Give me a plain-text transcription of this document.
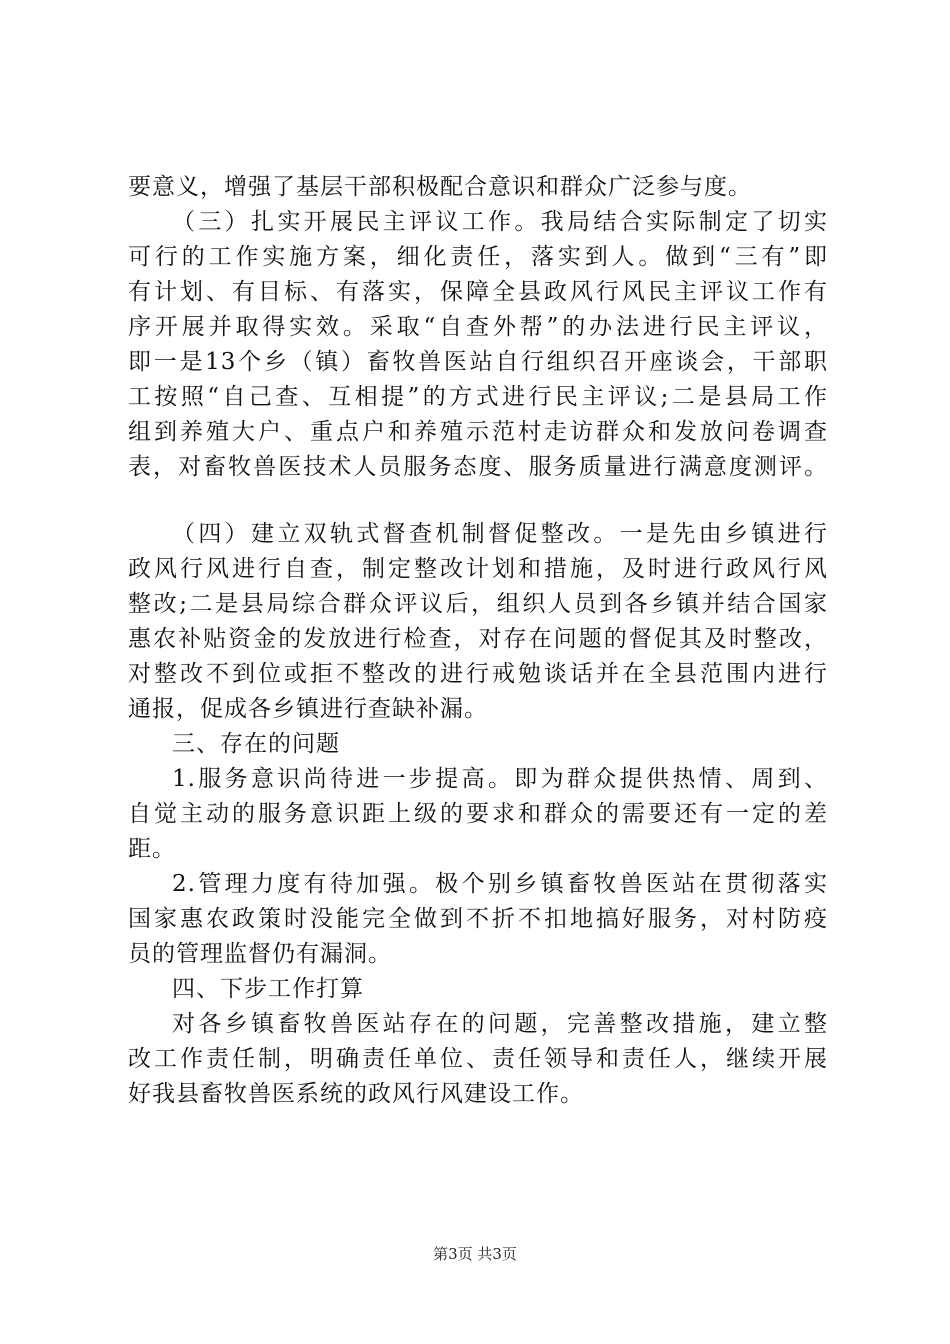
要意义，增强了基层干部积极配合意识和群众广泛参与度。
（三）扎实开展民主评议工作。我局结合实际制定了切实
可行的工作实施方案，细化责任，落实到人。做到“三有”即
有计划、有目标、有落实，保障全县政风行风民主评议工作有
序开展并取得实效。采取“自查外帮”的办法进行民主评议，
即一是13个乡（镇）畜牧兽医站自行组织召开座谈会，干部职
工按照“自己查、互相提”的方式进行民主评议;二是县局工作
组到养殖大户、重点户和养殖示范村走访群众和发放问卷调查
表，对畜牧兽医技术人员服务态度、服务质量进行满意度测评。
（四）建立双轨式督查机制督促整改。一是先由乡镇进行
政风行风进行自查，制定整改计划和措施，及时进行政风行风
整改;二是县局综合群众评议后，组织人员到各乡镇并结合国家
惠农补贴资金的发放进行检查，对存在问题的督促其及时整改，
对整改不到位或拒不整改的进行戒勉谈话并在全县范围内进行
通报，促成各乡镇进行查缺补漏。
三、存在的问题
1.服务意识尚待进一步提高。即为群众提供热情、周到、
自觉主动的服务意识距上级的要求和群众的需要还有一定的差
距。
2.管理力度有待加强。极个别乡镇畜牧兽医站在贯彻落实
国家惠农政策时没能完全做到不折不扣地搞好服务，对村防疫
员的管理监督仍有漏洞。
四、下步工作打算
对各乡镇畜牧兽医站存在的问题，完善整改措施，建立整
改工作责任制，明确责任单位、责任领导和责任人，继续开展
好我县畜牧兽医系统的政风行风建设工作。
第3页 共3页
